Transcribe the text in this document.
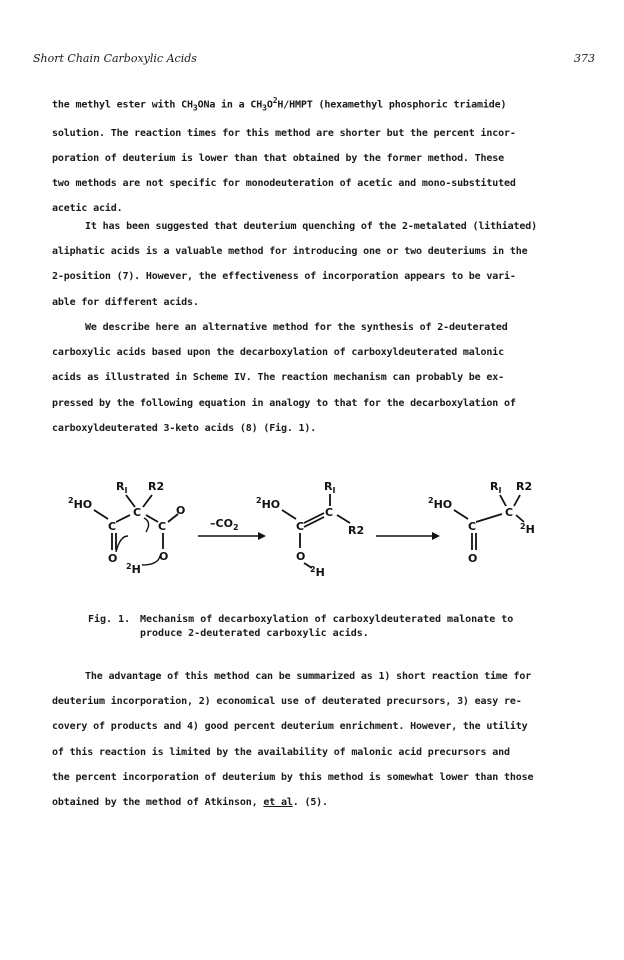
Short Chain Carboxylic Acids	373
the methyl ester with $CH_3ONa$ in a $CH_3O^2H$/HMPT (hexamethyl phosphoric triamide)
solution. The reaction times for this method are shorter but the percent incor-
poration of deuterium is lower than that obtained by the former method. These
two methods are not specific for monodeuteration of acetic and mono-substituted
acetic acid.
It has been suggested that deuterium quenching of the 2-metalated (lithiated)
aliphatic acids is a valuable method for introducing one or two deuteriums in the
2-position (7). However, the effectiveness of incorporation appears to be vari-
able for different acids.
We describe here an alternative method for the synthesis of 2-deuterated
carboxylic acids based upon the decarboxylation of carboxyldeuterated malonic
acids as illustrated in Scheme IV. The reaction mechanism can probably be ex-
pressed by the following equation in analogy to that for the decarboxylation of
carboxyldeuterated 3-keto acids (8) (Fig. 1).
$R_I$ R2
C
$^2$HO
C
O
C
O
O
$^2$H
$-CO_2$
$R_I$
C
$^2$HO
C	R2
O
$^2$H
$R_I$ R2
C
$^2$HO
C
O
$^2$H
Fig. 1. Mechanism of decarboxylation of carboxyldeuterated malonate to
produce 2-deuterated carboxylic acids.
The advantage of this method can be summarized as 1) short reaction time for
deuterium incorporation, 2) economical use of deuterated precursors, 3) easy re-
covery of products and 4) good percent deuterium enrichment. However, the utility
of this reaction is limited by the availability of malonic acid precursors and
the percent incorporation of deuterium by this method is somewhat lower than those
obtained by the method of Atkinson, et al. (5).
